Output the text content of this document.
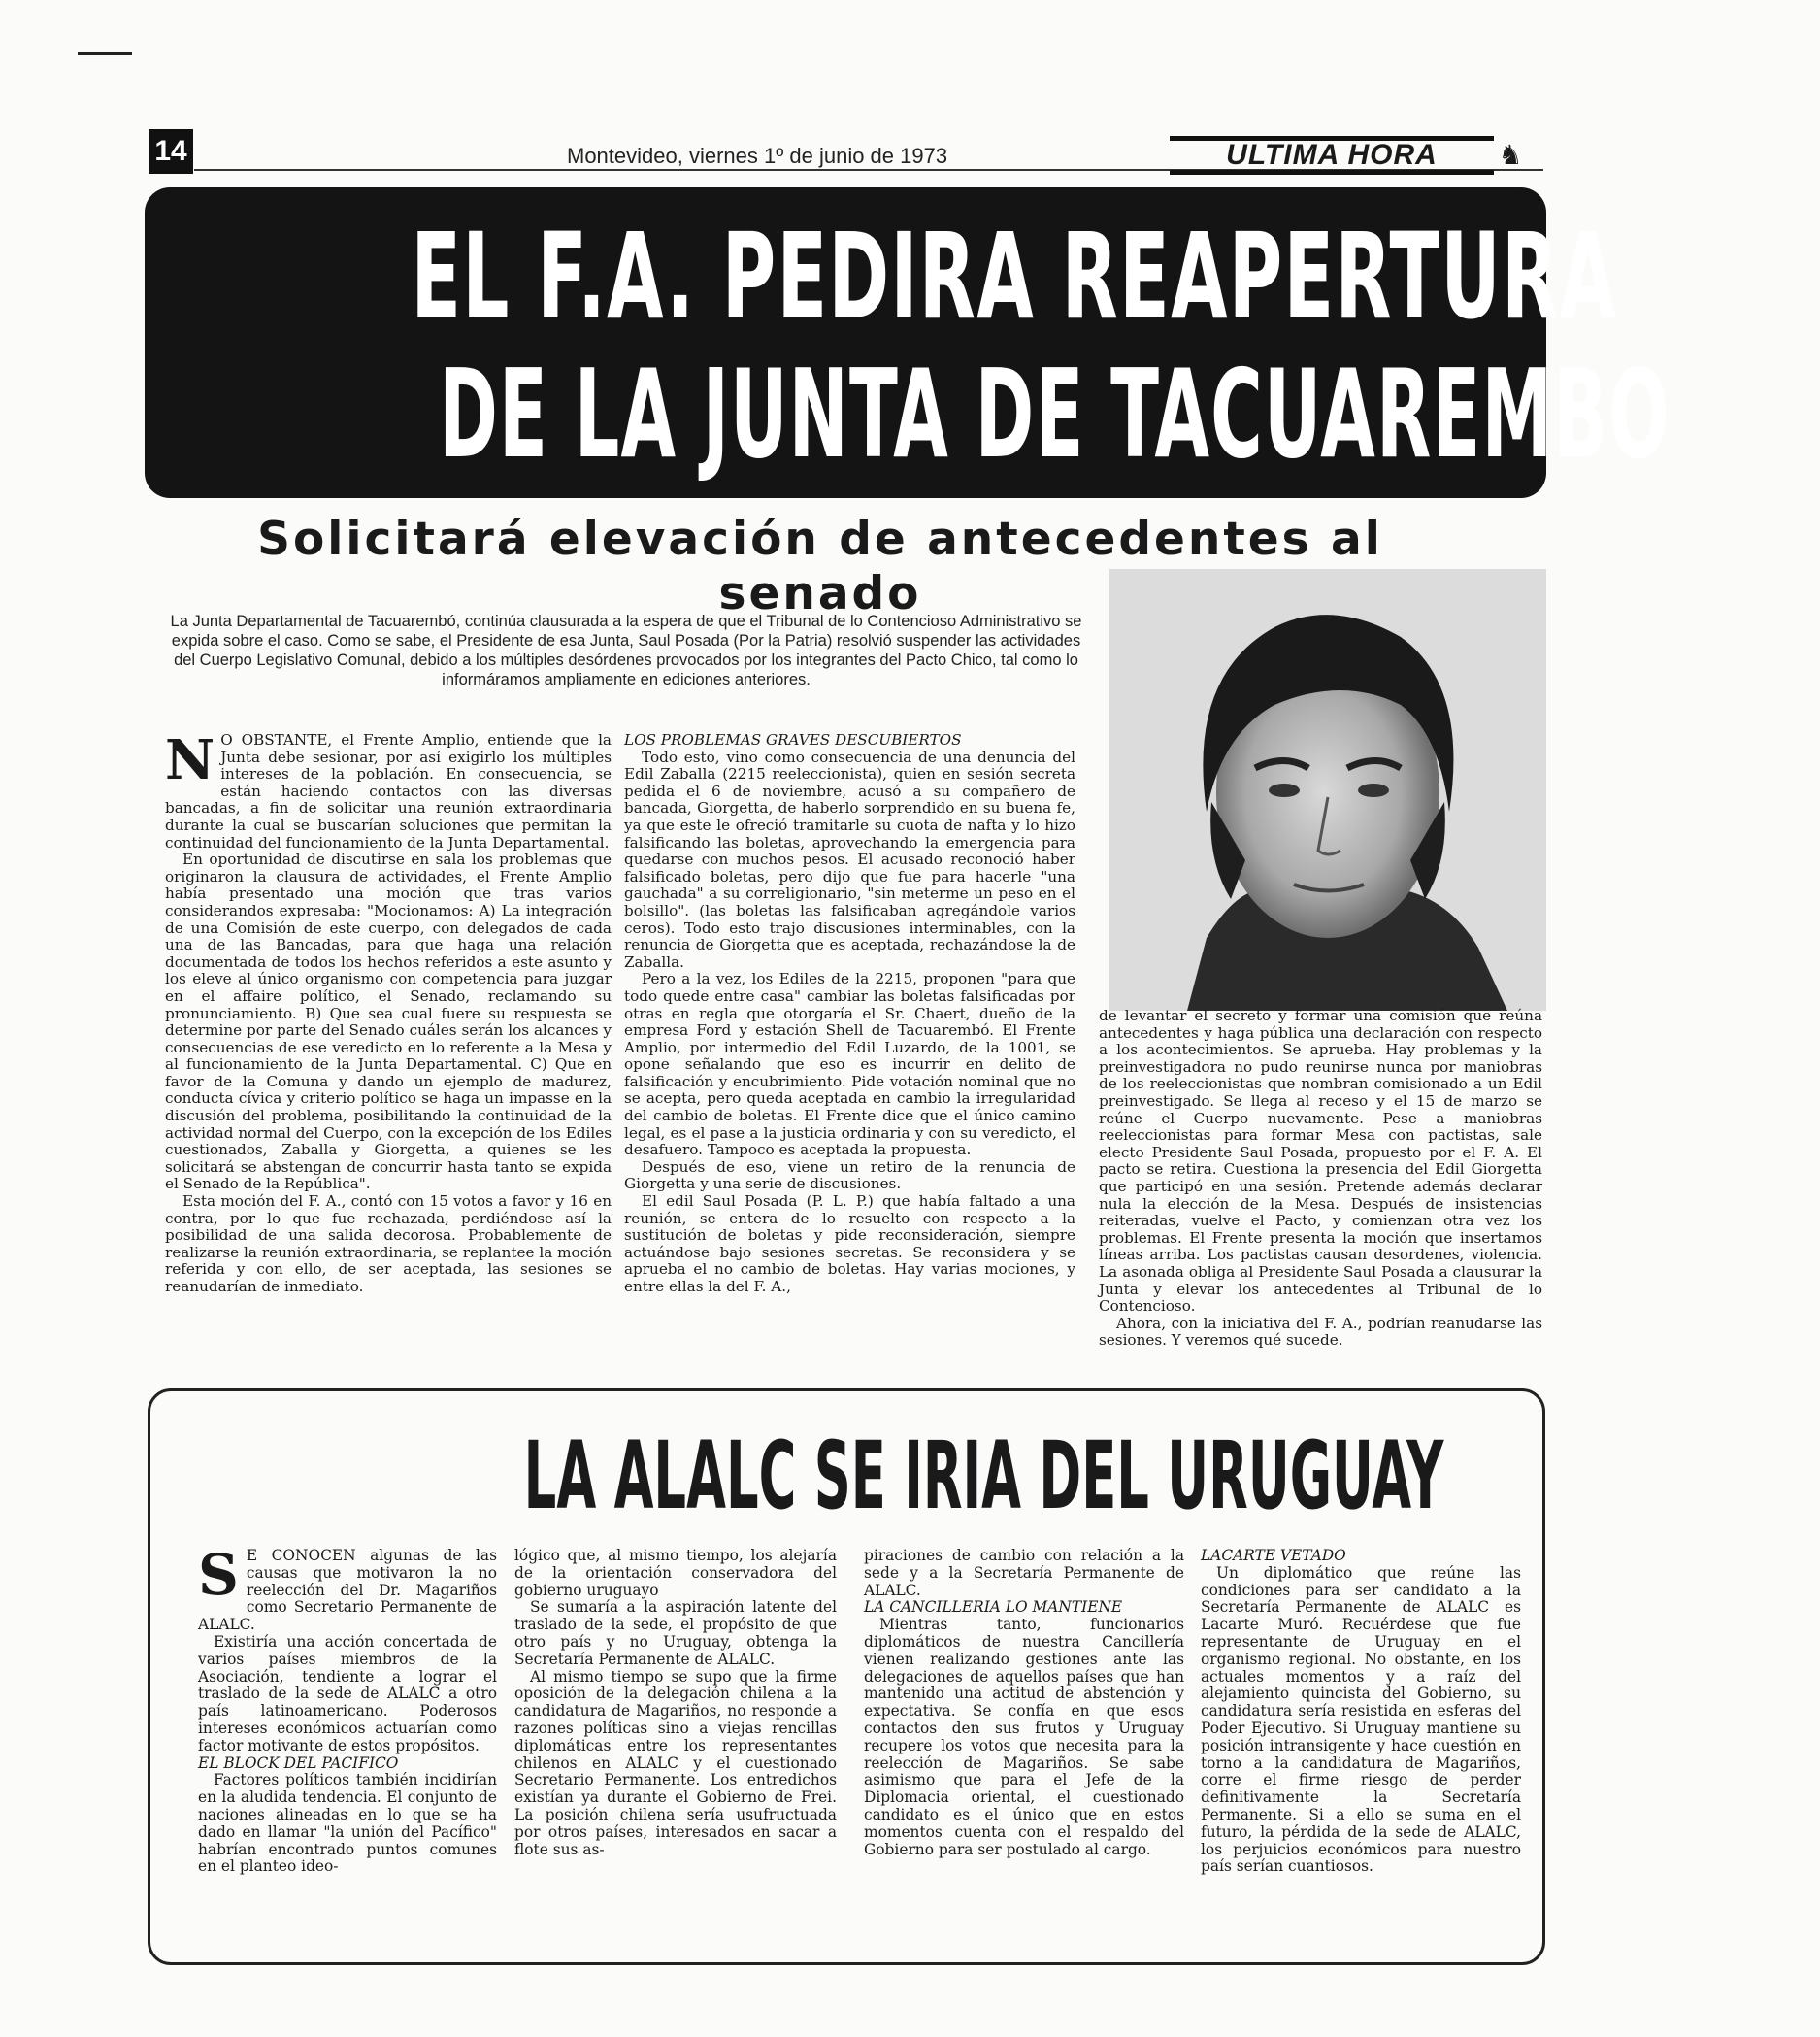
14	Montevideo, viernes 1º de junio de 1973	ULTIMA HORA	♞
EL F.A. PEDIRA REAPERTURA
DE LA JUNTA DE TACUAREMBO
Solicitará elevación de antecedentes al senado
La Junta Departamental de Tacuarembó, continúa clausurada a la espera de que el Tribunal de lo Contencioso Administrativo se expida sobre el caso. Como se sabe, el Presidente de esa Junta, Saul Posada (Por la Patria) resolvió suspender las actividades del Cuerpo Legislativo Comunal, debido a los múltiples desórdenes provocados por los integrantes del Pacto Chico, tal como lo informáramos ampliamente en ediciones anteriores.
N O OBSTANTE, el Frente Amplio, entiende que la Junta debe sesionar, por así exigirlo los múltiples intereses de la población. En consecuencia, se están haciendo contactos con las diversas bancadas, a fin de solicitar una reunión extraordinaria durante la cual se buscarían soluciones que permitan la continuidad del funcionamiento de la Junta Departamental.

En oportunidad de discutirse en sala los problemas que originaron la clausura de actividades, el Frente Amplio había presentado una moción que tras varios considerandos expresaba: "Mocionamos: A) La integración de una Comisión de este cuerpo, con delegados de cada una de las Bancadas, para que haga una relación documentada de todos los hechos referidos a este asunto y los eleve al único organismo con competencia para juzgar en el affaire político, el Senado, reclamando su pronunciamiento. B) Que sea cual fuere su respuesta se determine por parte del Senado cuáles serán los alcances y consecuencias de ese veredicto en lo referente a la Mesa y al funcionamiento de la Junta Departamental. C) Que en favor de la Comuna y dando un ejemplo de madurez, conducta cívica y criterio político se haga un impasse en la discusión del problema, posibilitando la continuidad de la actividad normal del Cuerpo, con la excepción de los Ediles cuestionados, Zaballa y Giorgetta, a quienes se les solicitará se abstengan de concurrir hasta tanto se expida el Senado de la República".

Esta moción del F. A., contó con 15 votos a favor y 16 en contra, por lo que fue rechazada, perdiéndose así la posibilidad de una salida decorosa. Probablemente de realizarse la reunión extraordinaria, se replantee la moción referida y con ello, de ser aceptada, las sesiones se reanudarían de inmediato.

LOS PROBLEMAS GRAVES DESCUBIERTOS

Todo esto, vino como consecuencia de una denuncia del Edil Zaballa (2215 reeleccionista), quien en sesión secreta pedida el 6 de noviembre, acusó a su compañero de bancada, Giorgetta, de haberlo sorprendido en su buena fe, ya que este le ofreció tramitarle su cuota de nafta y lo hizo falsificando las boletas, aprovechando la emergencia para quedarse con muchos pesos. El acusado reconoció haber falsificado boletas, pero dijo que fue para hacerle "una gauchada" a su correligionario, "sin meterme un peso en el bolsillo". (las boletas las falsificaban agregándole varios ceros). Todo esto trajo discusiones interminables, con la renuncia de Giorgetta que es aceptada, rechazándose la de Zaballa.

Pero a la vez, los Ediles de la 2215, proponen "para que todo quede entre casa" cambiar las boletas falsificadas por otras en regla que otorgaría el Sr. Chaert, dueño de la empresa Ford y estación Shell de Tacuarembó. El Frente Amplio, por intermedio del Edil Luzardo, de la 1001, se opone señalando que eso es incurrir en delito de falsificación y encubrimiento. Pide votación nominal que no se acepta, pero queda aceptada en cambio la irregularidad del cambio de boletas. El Frente dice que el único camino legal, es el pase a la justicia ordinaria y con su veredicto, el desafuero. Tampoco es aceptada la propuesta.

Después de eso, viene un retiro de la renuncia de Giorgetta y una serie de discusiones.

El edil Saul Posada (P. L. P.) que había faltado a una reunión, se entera de lo resuelto con respecto a la sustitución de boletas y pide reconsideración, siempre actuándose bajo sesiones secretas. Se reconsidera y se aprueba el no cambio de boletas. Hay varias mociones, y entre ellas la del F. A.,

de levantar el secreto y formar una comisión que reúna antecedentes y haga pública una declaración con respecto a los acontecimientos. Se aprueba. Hay problemas y la preinvestigadora no pudo reunirse nunca por maniobras de los reeleccionistas que nombran comisionado a un Edil preinvestigado. Se llega al receso y el 15 de marzo se reúne el Cuerpo nuevamente. Pese a maniobras reeleccionistas para formar Mesa con pactistas, sale electo Presidente Saul Posada, propuesto por el F. A. El pacto se retira. Cuestiona la presencia del Edil Giorgetta que participó en una sesión. Pretende además declarar nula la elección de la Mesa. Después de insistencias reiteradas, vuelve el Pacto, y comienzan otra vez los problemas. El Frente presenta la moción que insertamos líneas arriba. Los pactistas causan desordenes, violencia. La asonada obliga al Presidente Saul Posada a clausurar la Junta y elevar los antecedentes al Tribunal de lo Contencioso.

Ahora, con la iniciativa del F. A., podrían reanudarse las sesiones. Y veremos qué sucede.

LA ALALC SE IRIA DEL URUGUAY
S E CONOCEN algunas de las causas que motivaron la no reelección del Dr. Magariños como Secretario Permanente de ALALC.

Existiría una acción concertada de varios países miembros de la Asociación, tendiente a lograr el traslado de la sede de ALALC a otro país latinoamericano. Poderosos intereses económicos actuarían como factor motivante de estos propósitos.

EL BLOCK DEL PACIFICO

Factores políticos también incidirían en la aludida tendencia. El conjunto de naciones alineadas en lo que se ha dado en llamar "la unión del Pacífico" habrían encontrado puntos comunes en el planteo ideo-

lógico que, al mismo tiempo, los alejaría de la orientación conservadora del gobierno uruguayo

Se sumaría a la aspiración latente del traslado de la sede, el propósito de que otro país y no Uruguay, obtenga la Secretaría Permanente de ALALC.

Al mismo tiempo se supo que la firme oposición de la delegación chilena a la candidatura de Magariños, no responde a razones políticas sino a viejas rencillas diplomáticas entre los representantes chilenos en ALALC y el cuestionado Secretario Permanente. Los entredichos existían ya durante el Gobierno de Frei. La posición chilena sería usufructuada por otros países, interesados en sacar a flote sus as-

piraciones de cambio con relación a la sede y a la Secretaría Permanente de ALALC.

LA CANCILLERIA LO MANTIENE

Mientras tanto, funcionarios diplomáticos de nuestra Cancillería vienen realizando gestiones ante las delegaciones de aquellos países que han mantenido una actitud de abstención y expectativa. Se confía en que esos contactos den sus frutos y Uruguay recupere los votos que necesita para la reelección de Magariños. Se sabe asimismo que para el Jefe de la Diplomacia oriental, el cuestionado candidato es el único que en estos momentos cuenta con el respaldo del Gobierno para ser postulado al cargo.

LACARTE VETADO

Un diplomático que reúne las condiciones para ser candidato a la Secretaría Permanente de ALALC es Lacarte Muró. Recuérdese que fue representante de Uruguay en el organismo regional. No obstante, en los actuales momentos y a raíz del alejamiento quincista del Gobierno, su candidatura sería resistida en esferas del Poder Ejecutivo. Si Uruguay mantiene su posición intransigente y hace cuestión en torno a la candidatura de Magariños, corre el firme riesgo de perder definitivamente la Secretaría Permanente. Si a ello se suma en el futuro, la pérdida de la sede de ALALC, los perjuicios económicos para nuestro país serían cuantiosos.
